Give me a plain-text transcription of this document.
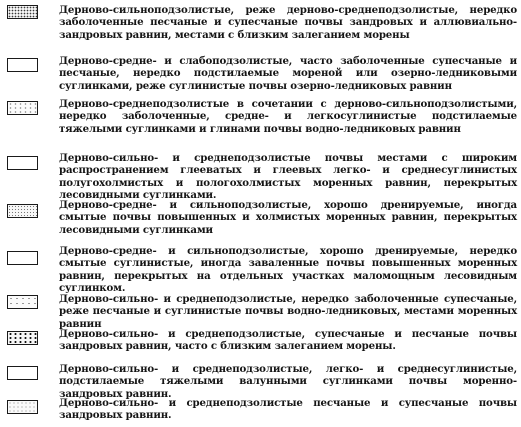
Дерново-сильноподзолистые, реже дерново-среднеподзолистые, нередко заболоченные песчаные и супесчаные почвы зандровых и аллювиально-зандровых равнин, местами с близким залеганием морены

Дерново-средне- и слабоподзолистые, часто заболоченные супесчаные и песчаные, нередко подстилаемые мореной или озерно-ледниковыми суглинками, реже суглинистые почвы озерно-ледниковых равнин

Дерново-среднеподзолистые в сочетании с дерново-сильноподзолистыми, нередко заболоченные, средне- и легкосуглинистые подстилаемые тяжелыми суглинками и глинами почвы водно-ледниковых равнин

Дерново-сильно- и среднеподзолистые почвы местами с широким распространением глееватых и глеевых легко- и среднесуглинистых полугохолмистых и пологохолмистых моренных равнин, перекрытых лесовидными суглинками.

Дерново-средне- и сильноподзолистые, хорошо дренируемые, иногда смытые почвы повышенных и холмистых моренных равнин, перекрытых лесовидными суглинками

Дерново-средне- и сильноподзолистые, хорошо дренируемые, нередко смытые суглинистые, иногда заваленные почвы повышенных моренных равнин, перекрытых на отдельных участках маломощным лесовидным суглинком.

Дерново-сильно- и среднеподзолистые, нередко заболоченные супесчаные, реже песчаные и суглинистые почвы водно-ледниковых, местами моренных равнин

Дерново-сильно- и среднеподзолистые, супесчаные и песчаные почвы зандровых равнин, часто с близким залеганием морены.

Дерново-сильно- и среднеподзолистые, легко- и среднесуглинистые, подстилаемые тяжелыми валунными суглинками почвы моренно-зандровых равнин.

Дерново-сильно- и среднеподзолистые песчаные и супесчаные почвы зандровых равнин.
